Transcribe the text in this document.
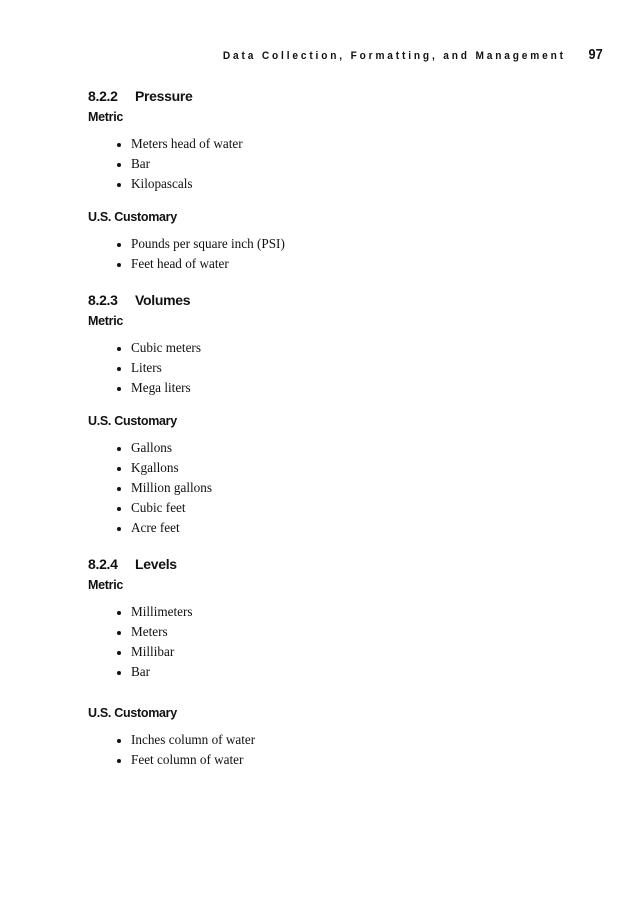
Data Collection, Formatting, and Management 97
8.2.2 Pressure
Metric
Meters head of water
Bar
Kilopascals
U.S. Customary
Pounds per square inch (PSI)
Feet head of water
8.2.3 Volumes
Metric
Cubic meters
Liters
Mega liters
U.S. Customary
Gallons
Kgallons
Million gallons
Cubic feet
Acre feet
8.2.4 Levels
Metric
Millimeters
Meters
Millibar
Bar
U.S. Customary
Inches column of water
Feet column of water
